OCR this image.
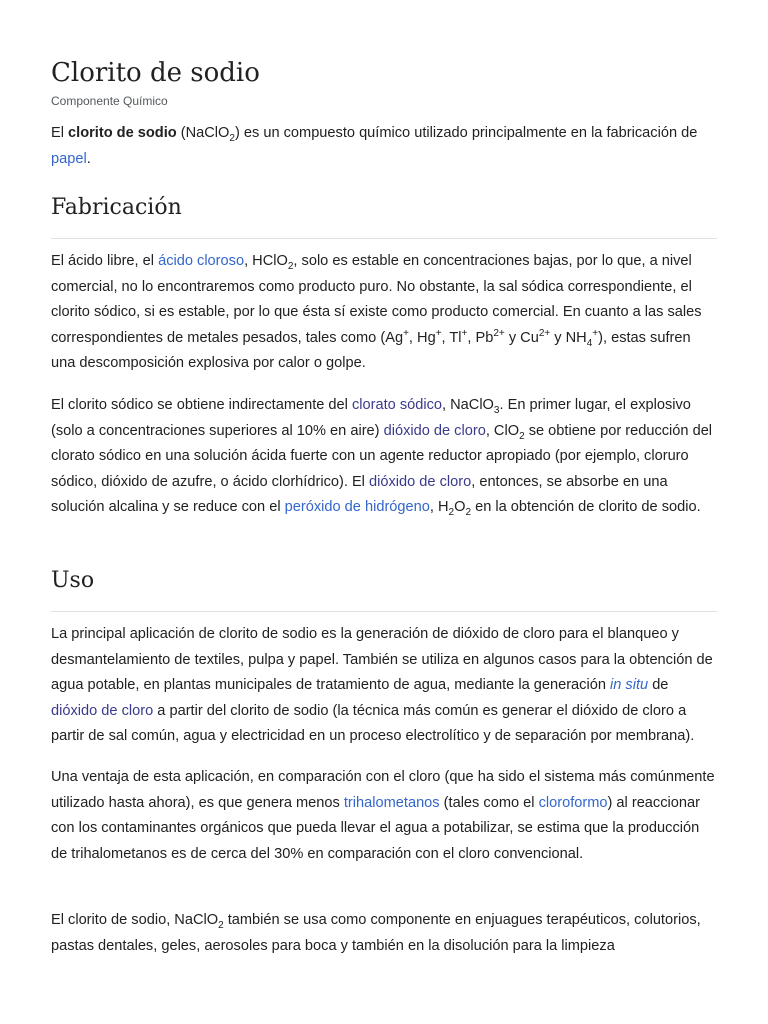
Clorito de sodio
Componente Químico

El clorito de sodio (NaClO$_2$) es un compuesto químico utilizado principalmente en la fabricación de papel.

Fabricación

El ácido libre, el ácido cloroso, HClO$_2$, solo es estable en concentraciones bajas, por lo que, a nivel comercial, no lo encontraremos como producto puro. No obstante, la sal sódica correspondiente, el clorito sódico, si es estable, por lo que ésta sí existe como producto comercial. En cuanto a las sales correspondientes de metales pesados, tales como (Ag+, Hg+, Tl+, $Pb^{2+}$ y $Cu^{2+}$ y $NH_4^+$), estas sufren una descomposición explosiva por calor o golpe.

El clorito sódico se obtiene indirectamente del clorato sódico, NaClO$_3$. En primer lugar, el explosivo (solo a concentraciones superiores al 10% en aire) dióxido de cloro, ClO$_2$ se obtiene por reducción del clorato sódico en una solución ácida fuerte con un agente reductor apropiado (por ejemplo, cloruro sódico, dióxido de azufre, o ácido clorhídrico). El dióxido de cloro, entonces, se absorbe en una solución alcalina y se reduce con el peróxido de hidrógeno, $H_2O_2$ en la obtención de clorito de sodio.

Uso

La principal aplicación de clorito de sodio es la generación de dióxido de cloro para el blanqueo y desmantelamiento de textiles, pulpa y papel. También se utiliza en algunos casos para la obtención de agua potable, en plantas municipales de tratamiento de agua, mediante la generación in situ de dióxido de cloro a partir del clorito de sodio (la técnica más común es generar el dióxido de cloro a partir de sal común, agua y electricidad en un proceso electrolítico y de separación por membrana).

Una ventaja de esta aplicación, en comparación con el cloro (que ha sido el sistema más comúnmente utilizado hasta ahora), es que genera menos trihalometanos (tales como el cloroformo) al reaccionar con los contaminantes orgánicos que pueda llevar el agua a potabilizar, se estima que la producción de trihalometanos es de cerca del 30% en comparación con el cloro convencional.

El clorito de sodio, NaClO$_2$ también se usa como componente en enjuagues terapéuticos, colutorios, pastas dentales, geles, aerosoles para boca y también en la disolución para la limpieza
